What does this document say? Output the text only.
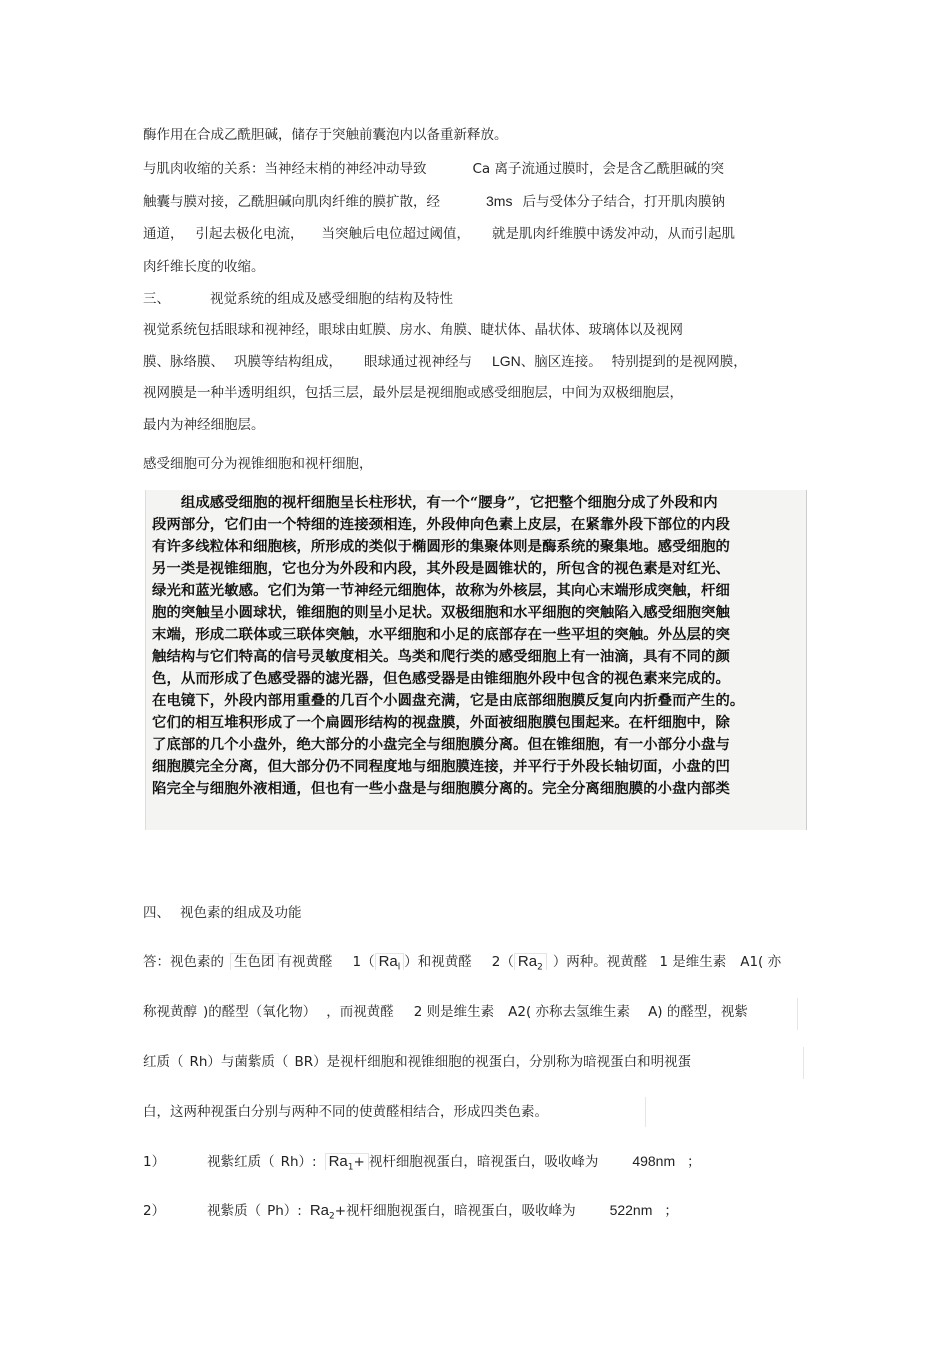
酶作用在合成乙酰胆碱，储存于突触前囊泡内以备重新释放。
与肌肉收缩的关系：当神经末梢的神经冲动导致	Ca 离子流通过膜时，会是含乙酰胆碱的突
触囊与膜对接，乙酰胆碱向肌肉纤维的膜扩散，经	3ms 后与受体分子结合，打开肌肉膜钠
通道， 引起去极化电流， 当突触后电位超过阈值， 就是肌肉纤维膜中诱发冲动，从而引起肌
肉纤维长度的收缩。
三、	视觉系统的组成及感受细胞的结构及特性
视觉系统包括眼球和视神经，眼球由虹膜、房水、角膜、睫状体、晶状体、玻璃体以及视网
膜、脉络膜、 巩膜等结构组成， 眼球通过视神经与 LGN、脑区连接。 特别提到的是视网膜，
视网膜是一种半透明组织，包括三层，最外层是视细胞或感受细胞层，中间为双极细胞层，
最内为神经细胞层。
感受细胞可分为视锥细胞和视杆细胞，
　　组成感受细胞的视杆细胞呈长柱形状，有一个“腰身”，它把整个细胞分成了外段和内
段两部分，它们由一个特细的连接颈相连，外段伸向色素上皮层，在紧靠外段下部位的内段
有许多线粒体和细胞核，所形成的类似于椭圆形的集聚体则是酶系统的聚集地。感受细胞的
另一类是视锥细胞，它也分为外段和内段，其外段是圆锥状的，所包含的视色素是对红光、
绿光和蓝光敏感。它们为第一节神经元细胞体，故称为外核层，其向心末端形成突触，杆细
胞的突触呈小圆球状，锥细胞的则呈小足状。双极细胞和水平细胞的突触陷入感受细胞突触
末端，形成二联体或三联体突触，水平细胞和小足的底部存在一些平坦的突触。外丛层的突
触结构与它们特高的信号灵敏度相关。鸟类和爬行类的感受细胞上有一油滴，具有不同的颜
色，从而形成了色感受器的滤光器，但色感受器是由锥细胞外段中包含的视色素来完成的。
在电镜下，外段内部用重叠的几百个小圆盘充满，它是由底部细胞膜反复向内折叠而产生的。
它们的相互堆积形成了一个扁圆形结构的视盘膜，外面被细胞膜包围起来。在杆细胞中，除
了底部的几个小盘外，绝大部分的小盘完全与细胞膜分离。但在锥细胞，有一小部分小盘与
细胞膜完全分离，但大部分仍不同程度地与细胞膜连接，并平行于外段长轴切面，小盘的凹
陷完全与细胞外液相通，但也有一些小盘是与细胞膜分离的。完全分离细胞膜的小盘内部类
四、 视色素的组成及功能
答：视色素的 生色团 有视黄醛 1（ $Ra_l$ ）和视黄醛 2（ $Ra_2$ ）两种。视黄醛 1 是维生素 A1( 亦
称视黄醇 )的醛型（氧化物） ，而视黄醛 2 则是维生素 A2( 亦称去氢维生素 A) 的醛型，视紫
红质（ Rh）与菌紫质（ BR）是视杆细胞和视锥细胞的视蛋白，分别称为暗视蛋白和明视蛋
白，这两种视蛋白分别与两种不同的使黄醛相结合，形成四类色素。
1）	视紫红质（ Rh）: $Ra_1+$ 视杆细胞视蛋白，暗视蛋白，吸收峰为 498nm ；
2）	视紫质（ Ph）: $Ra_2+$视杆细胞视蛋白，暗视蛋白，吸收峰为 522nm ；
